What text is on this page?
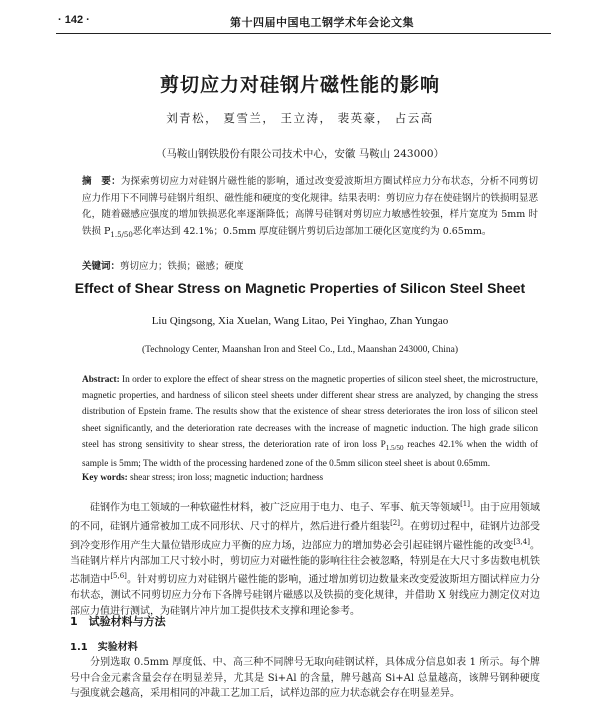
· 142 ·	第十四届中国电工钢学术年会论文集
剪切应力对硅钢片磁性能的影响
刘青松， 夏雪兰， 王立涛， 裴英豪， 占云高
（马鞍山钢铁股份有限公司技术中心，安徽 马鞍山 243000）
摘　要：为探索剪切应力对硅钢片磁性能的影响，通过改变爱波斯坦方圈试样应力分布状态，分析不同剪切应力作用下不同牌号硅钢片组织、磁性能和硬度的变化规律。结果表明：剪切应力存在使硅钢片的铁损明显恶化，随着磁感应强度的增加铁损恶化率逐渐降低；高牌号硅钢对剪切应力敏感性较强，样片宽度为 5mm 时铁损 $P_{1.5/50}$恶化率达到 42.1%；0.5mm 厚度硅钢片剪切后边部加工硬化区宽度约为 0.65mm。
关键词：剪切应力；铁损；磁感；硬度
Effect of Shear Stress on Magnetic Properties of Silicon Steel Sheet
Liu Qingsong, Xia Xuelan, Wang Litao, Pei Yinghao, Zhan Yungao
(Technology Center, Maanshan Iron and Steel Co., Ltd., Maanshan 243000, China)
Abstract: In order to explore the effect of shear stress on the magnetic properties of silicon steel sheet, the microstructure, magnetic properties, and hardness of silicon steel sheets under different shear stress are analyzed, by changing the stress distribution of Epstein frame. The results show that the existence of shear stress deteriorates the iron loss of silicon steel sheet significantly, and the deterioration rate decreases with the increase of magnetic induction. The high grade silicon steel has strong sensitivity to shear stress, the deterioration rate of iron loss $P_{1.5/50}$ reaches 42.1% when the width of sample is 5mm; The width of the processing hardened zone of the 0.5mm silicon steel sheet is about 0.65mm.
Key words: shear stress; iron loss; magnetic induction; hardness
硅钢作为电工领域的一种软磁性材料，被广泛应用于电力、电子、军事、航天等领域[1]。由于应用领域的不同，硅钢片通常被加工成不同形状、尺寸的样片，然后进行叠片组装[2]。在剪切过程中，硅钢片边部受到冷变形作用产生大量位错形成应力平衡的应力场，边部应力的增加势必会引起硅钢片磁性能的改变[3,4]。当硅钢片样片内部加工尺寸较小时，剪切应力对磁性能的影响往往会被忽略，特别是在大尺寸多齿数电机铁芯制造中[5,6]。针对剪切应力对硅钢片磁性能的影响，通过增加剪切边数量来改变爱波斯坦方圈试样应力分布状态，测试不同剪切应力分布下各牌号硅钢片磁感以及铁损的变化规律，并借助 X 射线应力测定仪对边部应力值进行测试，为硅钢片冲片加工提供技术支撑和理论参考。
1　试验材料与方法
1.1　实验材料
分别选取 0.5mm 厚度低、中、高三种不同牌号无取向硅钢试样，具体成分信息如表 1 所示。每个牌号中合金元素含量会存在明显差异，尤其是 Si+Al 的含量，牌号越高 Si+Al 总量越高，该牌号钢种硬度与强度就会越高，采用相同的冲裁工艺加工后，试样边部的应力状态就会存在明显差异。
